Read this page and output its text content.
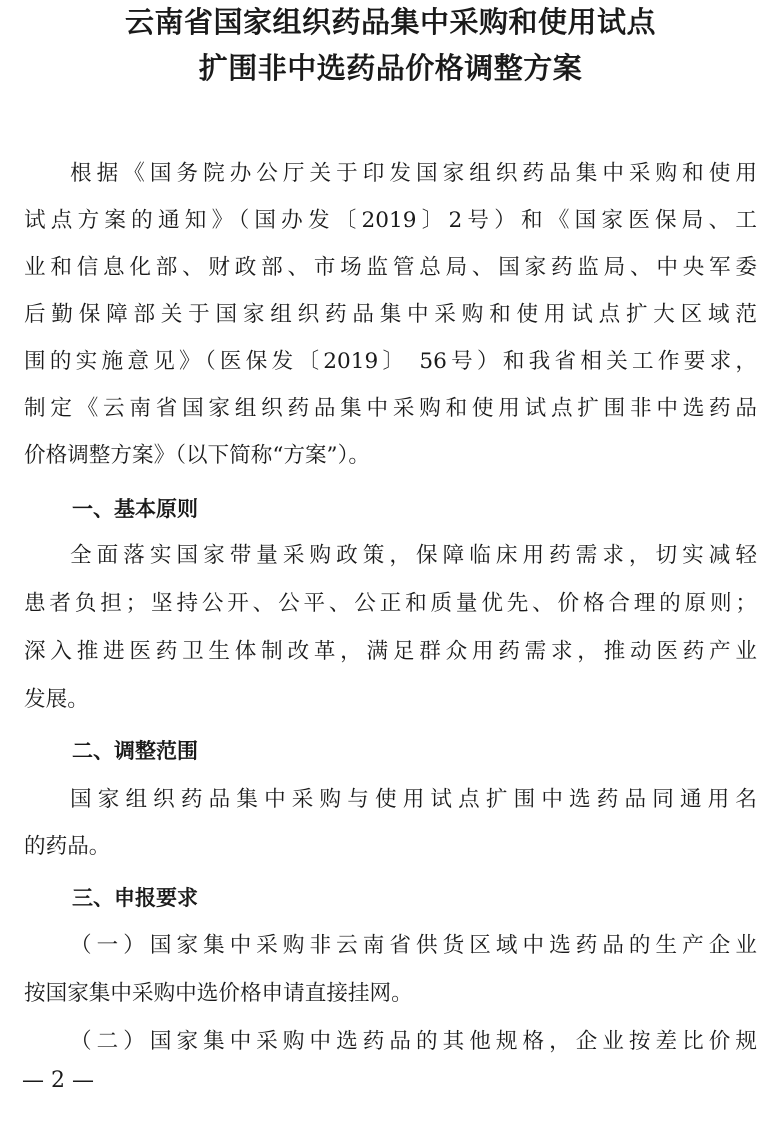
云南省国家组织药品集中采购和使用试点
扩围非中选药品价格调整方案
根据《国务院办公厅关于印发国家组织药品集中采购和使用
试点方案的通知》（国办发〔2019〕2号）和《国家医保局、工
业和信息化部、财政部、市场监管总局、国家药监局、中央军委
后勤保障部关于国家组织药品集中采购和使用试点扩大区域范
围的实施意见》（医保发〔2019〕 56号）和我省相关工作要求，
制定《云南省国家组织药品集中采购和使用试点扩围非中选药品
价格调整方案》（以下简称“方案”）。
一、基本原则
全面落实国家带量采购政策，保障临床用药需求，切实减轻
患者负担；坚持公开、公平、公正和质量优先、价格合理的原则；
深入推进医药卫生体制改革，满足群众用药需求，推动医药产业
发展。
二、调整范围
国家组织药品集中采购与使用试点扩围中选药品同通用名
的药品。
三、申报要求
（一）国家集中采购非云南省供货区域中选药品的生产企业
按国家集中采购中选价格申请直接挂网。
（二）国家集中采购中选药品的其他规格，企业按差比价规
— 2 —
